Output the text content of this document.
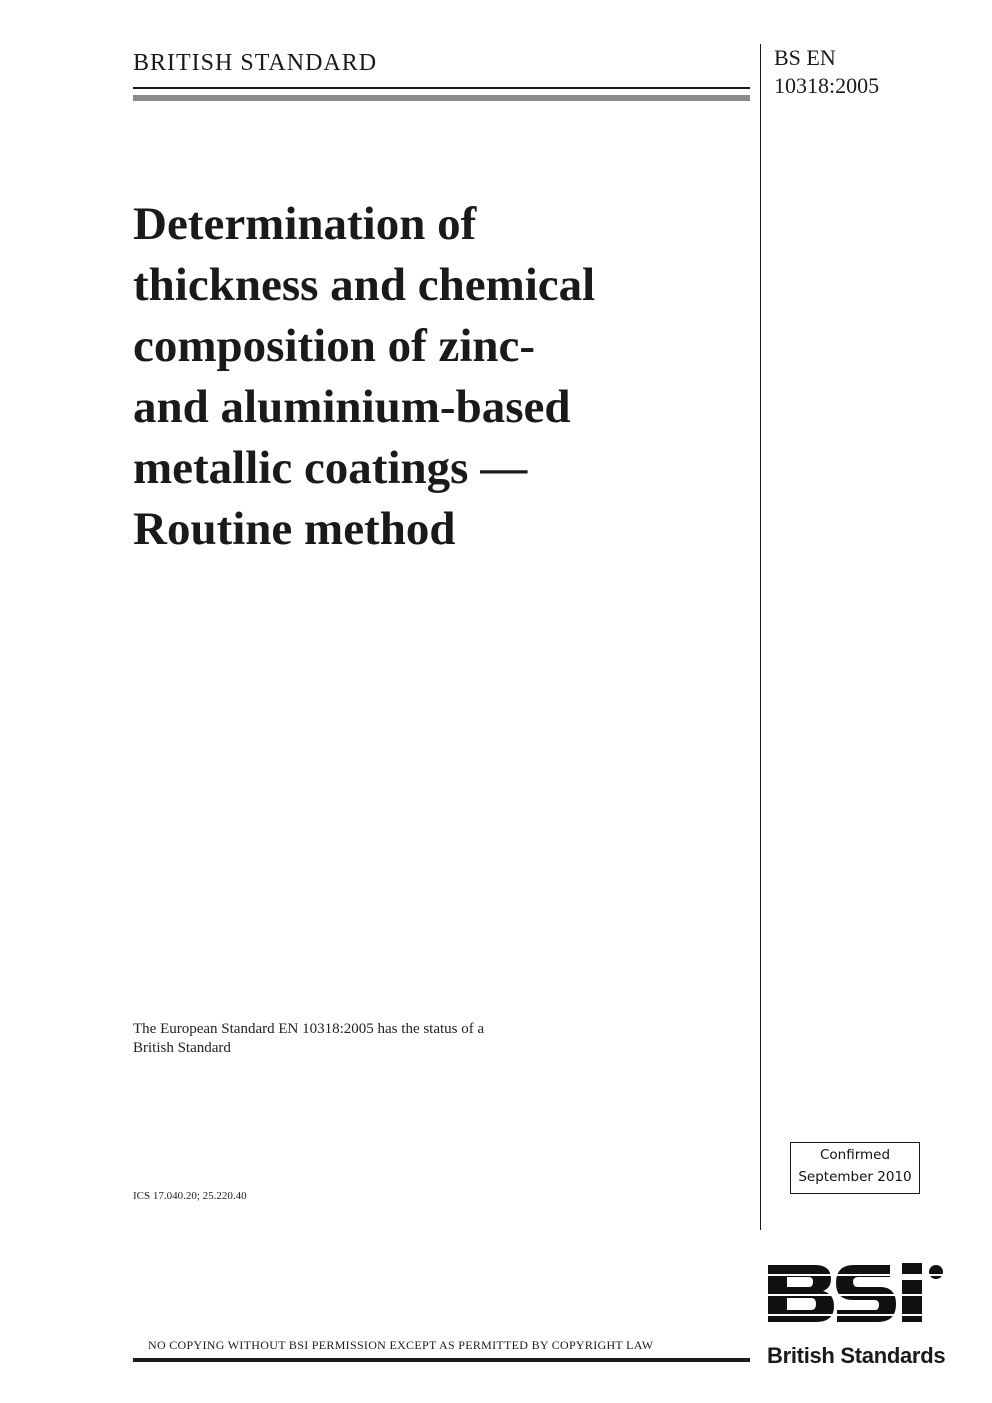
BRITISH STANDARD	BS EN
10318:2005
Determination of
thickness and chemical
composition of zinc-
and aluminium-based
metallic coatings —
Routine method
The European Standard EN 10318:2005 has the status of a
British Standard
ICS 17.040.20; 25.220.40
Confirmed
September 2010
British Standards
NO COPYING WITHOUT BSI PERMISSION EXCEPT AS PERMITTED BY COPYRIGHT LAW
